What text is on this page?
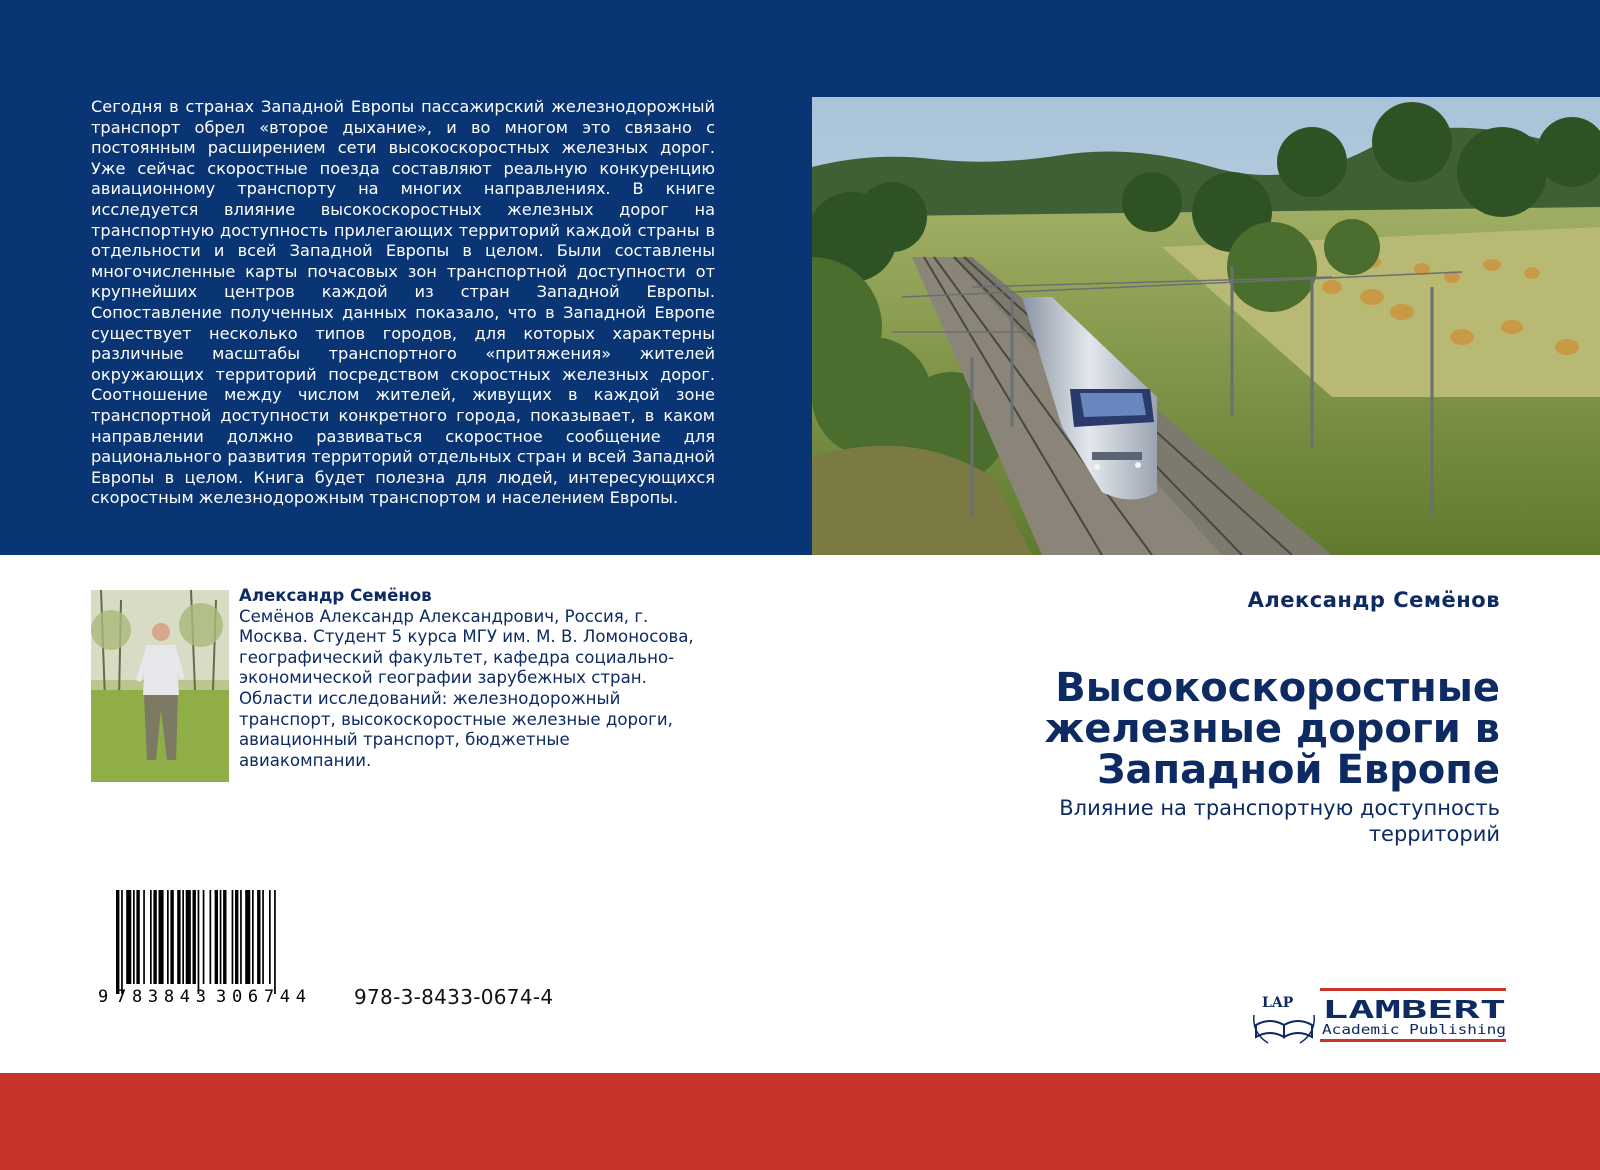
Сегодня в странах Западной Европы пассажирский железнодорожный транспорт обрел «второе дыхание», и во многом это связано с постоянным расширением сети высокоскоростных железных дорог. Уже сейчас скоростные поезда составляют реальную конкуренцию авиационному транспорту на многих направлениях. В книге исследуется влияние высокоскоростных железных дорог на транспортную доступность прилегающих территорий каждой страны в отдельности и всей Западной Европы в целом. Были составлены многочисленные карты почасовых зон транспортной доступности от крупнейших центров каждой из стран Западной Европы. Сопоставление полученных данных показало, что в Западной Европе существует несколько типов городов, для которых характерны различные масштабы транспортного «притяжения» жителей окружающих территорий посредством скоростных железных дорог. Соотношение между числом жителей, живущих в каждой зоне транспортной доступности конкретного города, показывает, в каком направлении должно развиваться скоростное сообщение для рационального развития территорий отдельных стран и всей Западной Европы в целом. Книга будет полезна для людей, интересующихся скоростным железнодорожным транспортом и населением Европы.

Александр Семёнов
Семёнов Александр Александрович, Россия, г. Москва. Студент 5 курса МГУ им. М. В. Ломоносова, географический факультет, кафедра социально-экономической географии зарубежных стран. Области исследований: железнодорожный транспорт, высокоскоростные железные дороги, авиационный транспорт, бюджетные авиакомпании.
Александр Семёнов
Высокоскоростные железные дороги в Западной Европе
Влияние на транспортную доступность территорий
9 783843 306744 978-3-8433-0674-4	LAP LAMBERT
Academic Publishing
